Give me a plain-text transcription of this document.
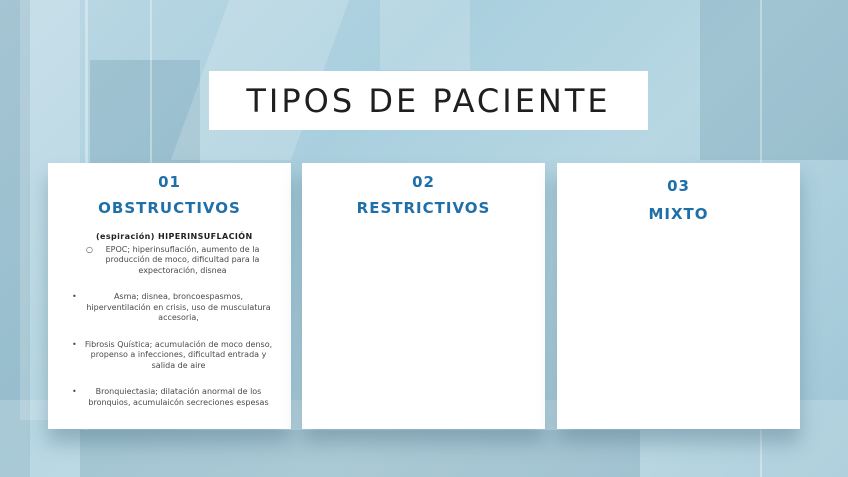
TIPOS DE PACIENTE
01
OBSTRUCTIVOS
(espiración) HIPERINSUFLACIÓN
○ EPOC; hiperinsuflación, aumento de la producción de moco, dificultad para la expectoración, disnea
•	Asma; disnea, broncoespasmos, hiperventilación en crisis, uso de musculatura accesoria,
• Fibrosis Quística; acumulación de moco denso, propenso a infecciones, dificultad entrada y salida de aire
• Bronquiectasia; dilatación anormal de los bronquios, acumulaicón secreciones espesas
02
RESTRICTIVOS
03
MIXTO
